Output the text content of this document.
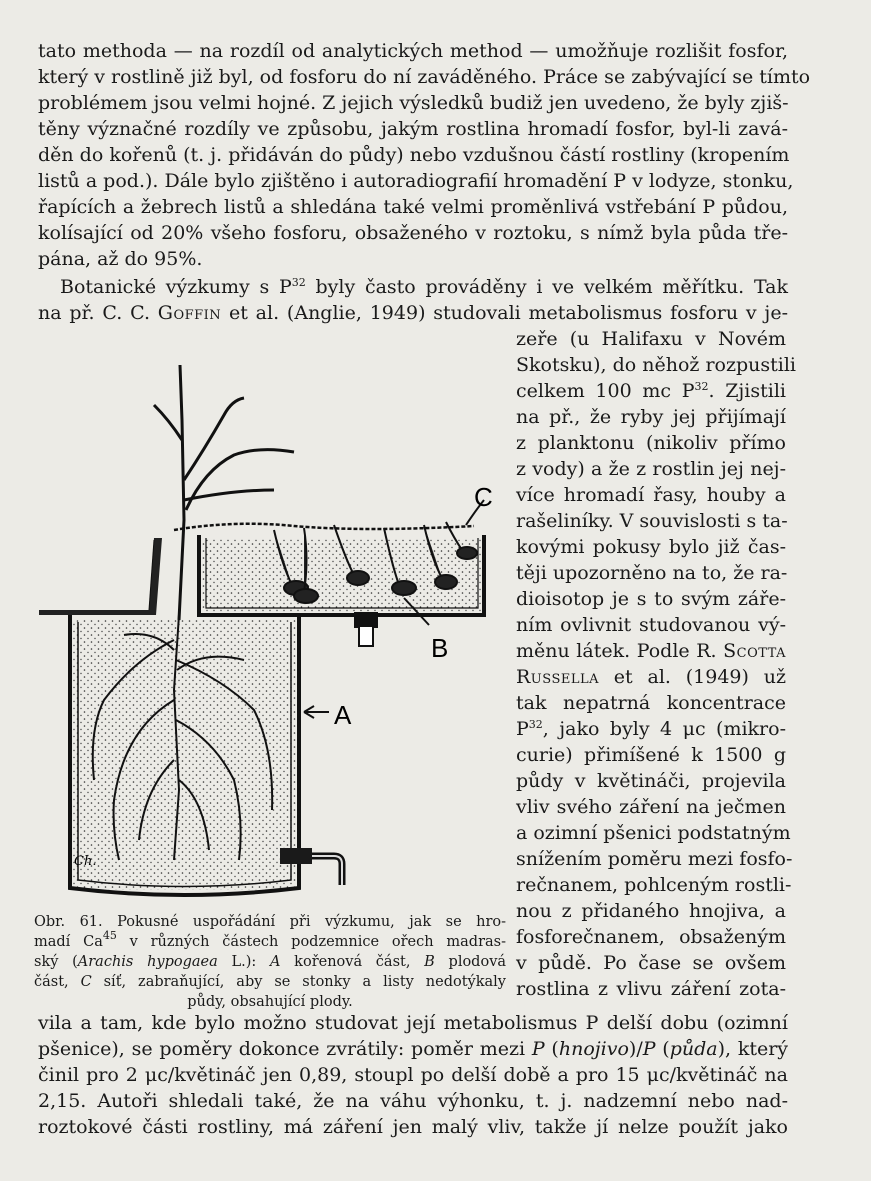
tato methoda — na rozdíl od analytických method — umožňuje rozlišit fosfor,
který v rostlině již byl, od fosforu do ní zaváděného. Práce se zabývající se tímto
problémem jsou velmi hojné. Z jejich výsledků budiž jen uvedeno, že byly zjiš-
těny význačné rozdíly ve způsobu, jakým rostlina hromadí fosfor, byl-li zavá-
děn do kořenů (t. j. přidáván do půdy) nebo vzdušnou částí rostliny (kropením
listů a pod.). Dále bylo zjištěno i autoradiografií hromadění P v lodyze, stonku,
řapících a žebrech listů a shledána také velmi proměnlivá vstřebání P půdou,
kolísající od 20% všeho fosforu, obsaženého v roztoku, s nímž byla půda tře-
pána, až do 95%.
Botanické výzkumy s $P^{32}$ byly často prováděny i ve velkém měřítku. Tak
na př. C. C. Goffin et al. (Anglie, 1949) studovali metabolismus fosforu v je-
zeře (u Halifaxu v Novém
Skotsku), do něhož rozpustili
celkem 100 mc $P^{32}$. Zjistili
na př., že ryby jej přijímají
z planktonu (nikoliv přímo
z vody) a že z rostlin jej nej-
více hromadí řasy, houby a
rašeliníky. V souvislosti s ta-
kovými pokusy bylo již čas-
těji upozorněno na to, že ra-
dioisotop je s to svým záře-
ním ovlivnit studovanou vý-
měnu látek. Podle R. Scotta
Russella et al. (1949) už
tak nepatrná koncentrace
$P^{32}$, jako byly 4 μc (mikro-
curie) přimíšené k 1500 g
půdy v květináči, projevila
vliv svého záření na ječmen
a ozimní pšenici podstatným
snížením poměru mezi fosfo-
rečnanem, pohlceným rostli-
nou z přidaného hnojiva, a
fosforečnanem, obsaženým
v půdě. Po čase se ovšem
rostlina z vlivu záření zota-
A
B
C
Ch.
Obr. 61. Pokusné uspořádání při výzkumu, jak se hro-
madí Ca$^{45}$ v různých částech podzemnice ořech madras-
ský (Arachis hypogaea L.): A kořenová část, B plodová
část, C síť, zabraňující, aby se stonky a listy nedotýkaly
půdy, obsahující plody.
vila a tam, kde bylo možno studovat její metabolismus P delší dobu (ozimní
pšenice), se poměry dokonce zvrátily: poměr mezi P (hnojivo)/P (půda), který
činil pro 2 μc/květináč jen 0,89, stoupl po delší době a pro 15 μc/květináč na
2,15. Autoři shledali také, že na váhu výhonku, t. j. nadzemní nebo nad-
roztokové části rostliny, má záření jen malý vliv, takže jí nelze použít jako
